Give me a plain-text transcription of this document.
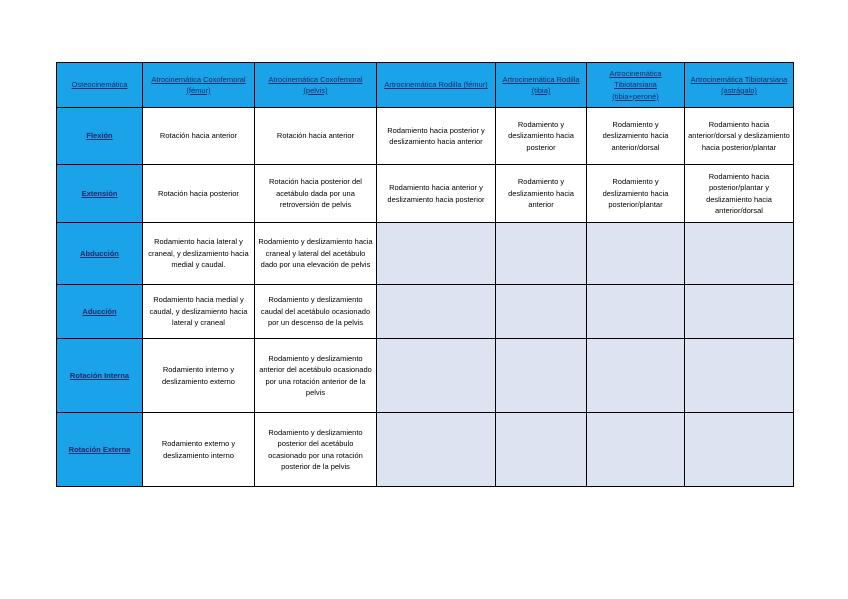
Osteocinemática	Atrocinemática Coxofemoral (fémur)	Atrocinemática Coxofemoral (pelvis)	Artrocinemática Rodilla (fémur)	Artrocinemática Rodilla (tibia)	Artrocinemática Tibiotarsiana (tibia+peroné)	Artrocinemática Tibiotarsiana (astrágalo)
Flexión	Rotación hacia anterior	Rotación hacia anterior	Rodamiento hacia posterior y deslizamiento hacia anterior	Rodamiento y deslizamiento hacia posterior	Rodamiento y deslizamiento hacia anterior/dorsal	Rodamiento hacia anterior/dorsal y deslizamiento hacia posterior/plantar
Extensión	Rotación hacia posterior	Rotación hacia posterior del acetábulo dada por una retroversión de pelvis	Rodamiento hacia anterior y deslizamiento hacia posterior	Rodamiento y deslizamiento hacia anterior	Rodamiento y deslizamiento hacia posterior/plantar	Rodamiento hacia posterior/plantar y deslizamiento hacia anterior/dorsal
Abducción	Rodamiento hacia lateral y craneal, y deslizamiento hacia medial y caudal.	Rodamiento y deslizamiento hacia craneal y lateral del acetábulo dado por una elevación de pelvis				
Aducción	Rodamiento hacia medial y caudal, y deslizamiento hacia lateral y craneal	Rodamiento y deslizamiento caudal del acetábulo ocasionado por un descenso de la pelvis				
Rotación Interna	Rodamiento interno y deslizamiento externo	Rodamiento y deslizamiento anterior del acetábulo ocasionado por una rotación anterior de la pelvis				
Rotación Externa	Rodamiento externo y deslizamiento interno	Rodamiento y deslizamiento posterior del acetábulo ocasionado por una rotación posterior de la pelvis				
